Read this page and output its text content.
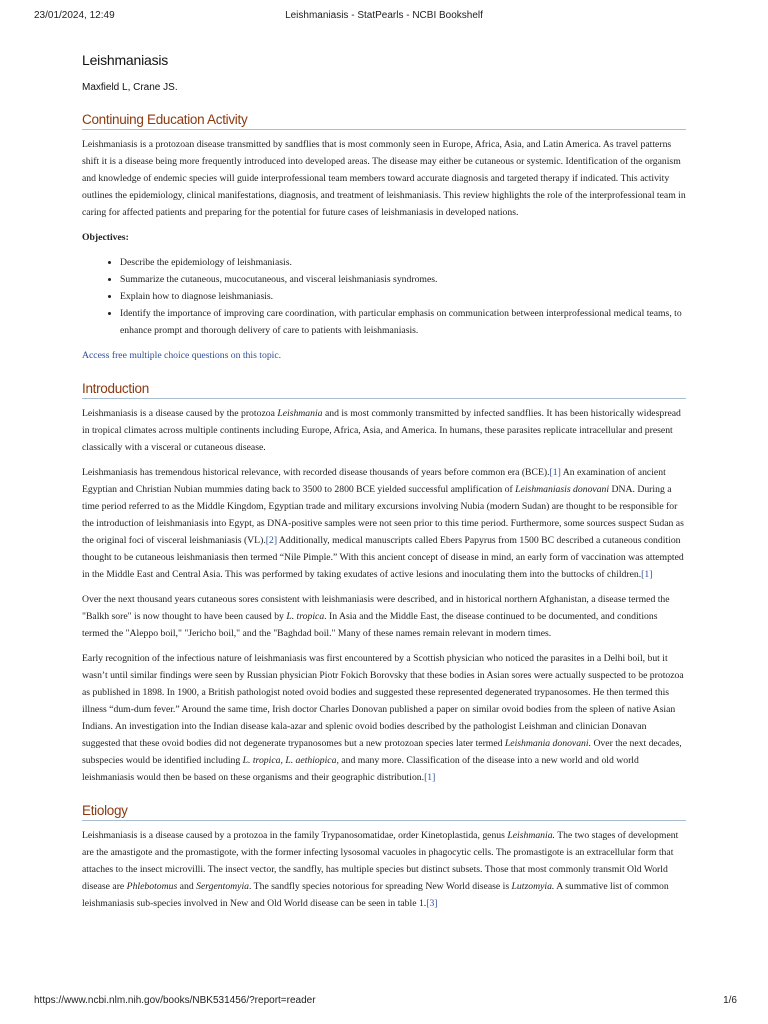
23/01/2024, 12:49	Leishmaniasis - StatPearls - NCBI Bookshelf
Leishmaniasis
Maxfield L, Crane JS.
Continuing Education Activity

Leishmaniasis is a protozoan disease transmitted by sandflies that is most commonly seen in Europe, Africa, Asia, and Latin America. As travel patterns shift it is a disease being more frequently introduced into developed areas. The disease may either be cutaneous or systemic. Identification of the organism and knowledge of endemic species will guide interprofessional team members toward accurate diagnosis and targeted therapy if indicated. This activity outlines the epidemiology, clinical manifestations, diagnosis, and treatment of leishmaniasis. This review highlights the role of the interprofessional team in caring for affected patients and preparing for the potential for future cases of leishmaniasis in developed nations.

Objectives:

• Describe the epidemiology of leishmaniasis.
• Summarize the cutaneous, mucocutaneous, and visceral leishmaniasis syndromes.
• Explain how to diagnose leishmaniasis.
• Identify the importance of improving care coordination, with particular emphasis on communication between interprofessional medical teams, to enhance prompt and thorough delivery of care to patients with leishmaniasis.

Access free multiple choice questions on this topic.

Introduction

Leishmaniasis is a disease caused by the protozoa Leishmania and is most commonly transmitted by infected sandflies. It has been historically widespread in tropical climates across multiple continents including Europe, Africa, Asia, and America. In humans, these parasites replicate intracellular and present classically with a visceral or cutaneous disease.

Leishmaniasis has tremendous historical relevance, with recorded disease thousands of years before common era (BCE).[1] An examination of ancient Egyptian and Christian Nubian mummies dating back to 3500 to 2800 BCE yielded successful amplification of Leishmaniasis donovani DNA. During a time period referred to as the Middle Kingdom, Egyptian trade and military excursions involving Nubia (modern Sudan) are thought to be responsible for the introduction of leishmaniasis into Egypt, as DNA-positive samples were not seen prior to this time period. Furthermore, some sources suspect Sudan as the original foci of visceral leishmaniasis (VL).[2] Additionally, medical manuscripts called Ebers Papyrus from 1500 BC described a cutaneous condition thought to be cutaneous leishmaniasis then termed “Nile Pimple.” With this ancient concept of disease in mind, an early form of vaccination was attempted in the Middle East and Central Asia. This was performed by taking exudates of active lesions and inoculating them into the buttocks of children.[1]

Over the next thousand years cutaneous sores consistent with leishmaniasis were described, and in historical northern Afghanistan, a disease termed the "Balkh sore" is now thought to have been caused by L. tropica. In Asia and the Middle East, the disease continued to be documented, and conditions termed the "Aleppo boil," "Jericho boil," and the "Baghdad boil." Many of these names remain relevant in modern times.

Early recognition of the infectious nature of leishmaniasis was first encountered by a Scottish physician who noticed the parasites in a Delhi boil, but it wasn’t until similar findings were seen by Russian physician Piotr Fokich Borovsky that these bodies in Asian sores were actually suspected to be protozoa as published in 1898. In 1900, a British pathologist noted ovoid bodies and suggested these represented degenerated trypanosomes. He then termed this illness “dum-dum fever.” Around the same time, Irish doctor Charles Donovan published a paper on similar ovoid bodies from the spleen of native Asian Indians. An investigation into the Indian disease kala-azar and splenic ovoid bodies described by the pathologist Leishman and clinician Donavan suggested that these ovoid bodies did not degenerate trypanosomes but a new protozoan species later termed Leishmania donovani. Over the next decades, subspecies would be identified including L. tropica, L. aethiopica, and many more. Classification of the disease into a new world and old world leishmaniasis would then be based on these organisms and their geographic distribution.[1]

Etiology

Leishmaniasis is a disease caused by a protozoa in the family Trypanosomatidae, order Kinetoplastida, genus Leishmania. The two stages of development are the amastigote and the promastigote, with the former infecting lysosomal vacuoles in phagocytic cells. The promastigote is an extracellular form that attaches to the insect microvilli. The insect vector, the sandfly, has multiple species but distinct subsets. Those that most commonly transmit Old World disease are Phlebotomus and Sergentomyia. The sandfly species notorious for spreading New World disease is Lutzomyia. A summative list of common leishmaniasis sub-species involved in New and Old World disease can be seen in table 1.[3]

https://www.ncbi.nlm.nih.gov/books/NBK531456/?report=reader	1/6
